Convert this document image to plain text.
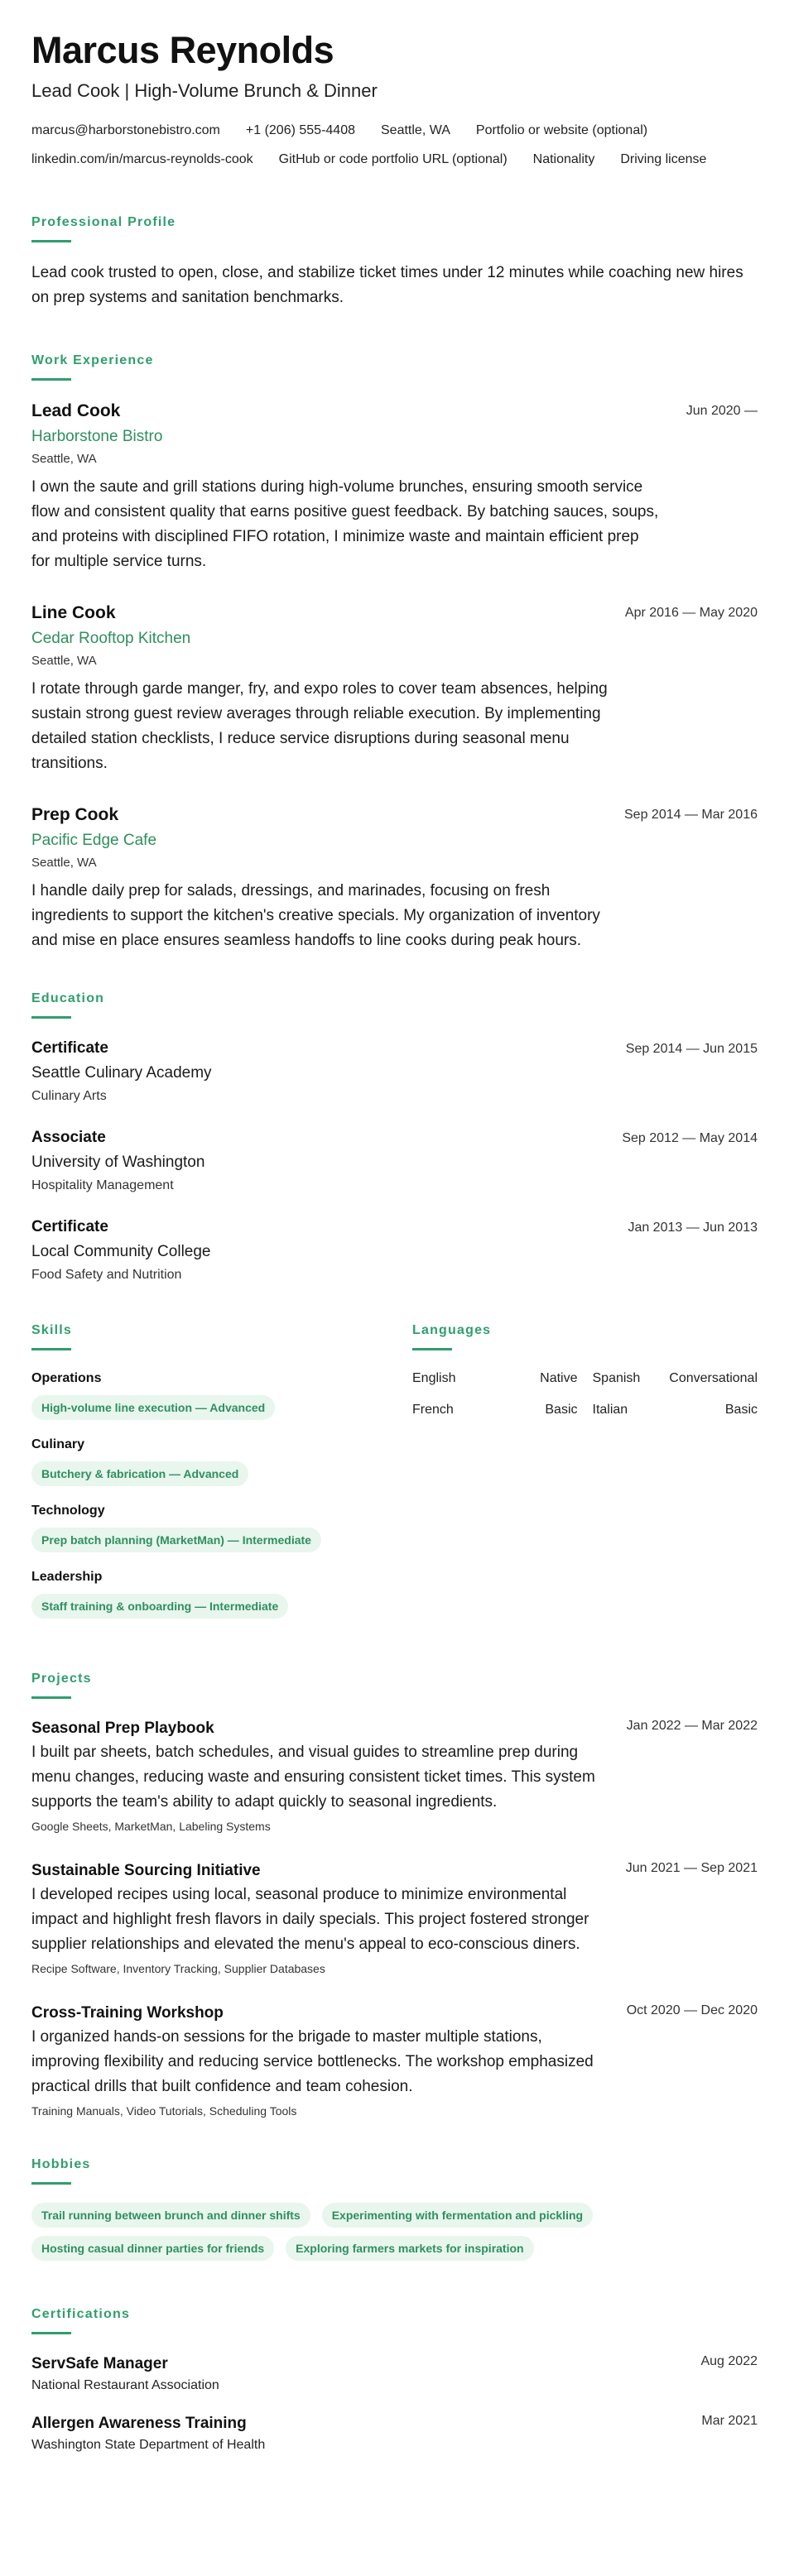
Marcus Reynolds
Lead Cook | High-Volume Brunch & Dinner
marcus@harborstonebistro.com +1 (206) 555-4408 Seattle, WA Portfolio or website (optional)
linkedin.com/in/marcus-reynolds-cook GitHub or code portfolio URL (optional) Nationality Driving license
Professional Profile

Lead cook trusted to open, close, and stabilize ticket times under 12 minutes while coaching new hires on prep systems and sanitation benchmarks.

Work Experience
Jun 2020 —
Lead Cook
Harborstone Bistro
Seattle, WA

I own the saute and grill stations during high-volume brunches, ensuring smooth service flow and consistent quality that earns positive guest feedback. By batching sauces, soups, and proteins with disciplined FIFO rotation, I minimize waste and maintain efficient prep for multiple service turns.

Apr 2016 — May 2020
Line Cook
Cedar Rooftop Kitchen
Seattle, WA

I rotate through garde manger, fry, and expo roles to cover team absences, helping sustain strong guest review averages through reliable execution. By implementing detailed station checklists, I reduce service disruptions during seasonal menu transitions.

Sep 2014 — Mar 2016
Prep Cook
Pacific Edge Cafe
Seattle, WA

I handle daily prep for salads, dressings, and marinades, focusing on fresh ingredients to support the kitchen's creative specials. My organization of inventory and mise en place ensures seamless handoffs to line cooks during peak hours.

Education
Sep 2014 — Jun 2015
Certificate
Seattle Culinary Academy
Culinary Arts
Sep 2012 — May 2014
Associate
University of Washington
Hospitality Management
Jan 2013 — Jun 2013
Certificate
Local Community College
Food Safety and Nutrition
Skills
Operations
High-volume line execution — Advanced
Culinary
Butchery & fabrication — Advanced
Technology
Prep batch planning (MarketMan) — Intermediate
Leadership
Staff training & onboarding — Intermediate
Languages
English	Native Spanish Conversational
French	Basic Italian	Basic
Projects
Jan 2022 — Mar 2022
Seasonal Prep Playbook

I built par sheets, batch schedules, and visual guides to streamline prep during menu changes, reducing waste and ensuring consistent ticket times. This system supports the team's ability to adapt quickly to seasonal ingredients.

Google Sheets, MarketMan, Labeling Systems
Jun 2021 — Sep 2021
Sustainable Sourcing Initiative

I developed recipes using local, seasonal produce to minimize environmental impact and highlight fresh flavors in daily specials. This project fostered stronger supplier relationships and elevated the menu's appeal to eco-conscious diners.

Recipe Software, Inventory Tracking, Supplier Databases
Oct 2020 — Dec 2020
Cross-Training Workshop

I organized hands-on sessions for the brigade to master multiple stations, improving flexibility and reducing service bottlenecks. The workshop emphasized practical drills that built confidence and team cohesion.

Training Manuals, Video Tutorials, Scheduling Tools
Hobbies
Trail running between brunch and dinner shifts	Experimenting with fermentation and pickling
Hosting casual dinner parties for friends	Exploring farmers markets for inspiration
Certifications
Aug 2022
ServSafe Manager
National Restaurant Association
Mar 2021
Allergen Awareness Training
Washington State Department of Health
